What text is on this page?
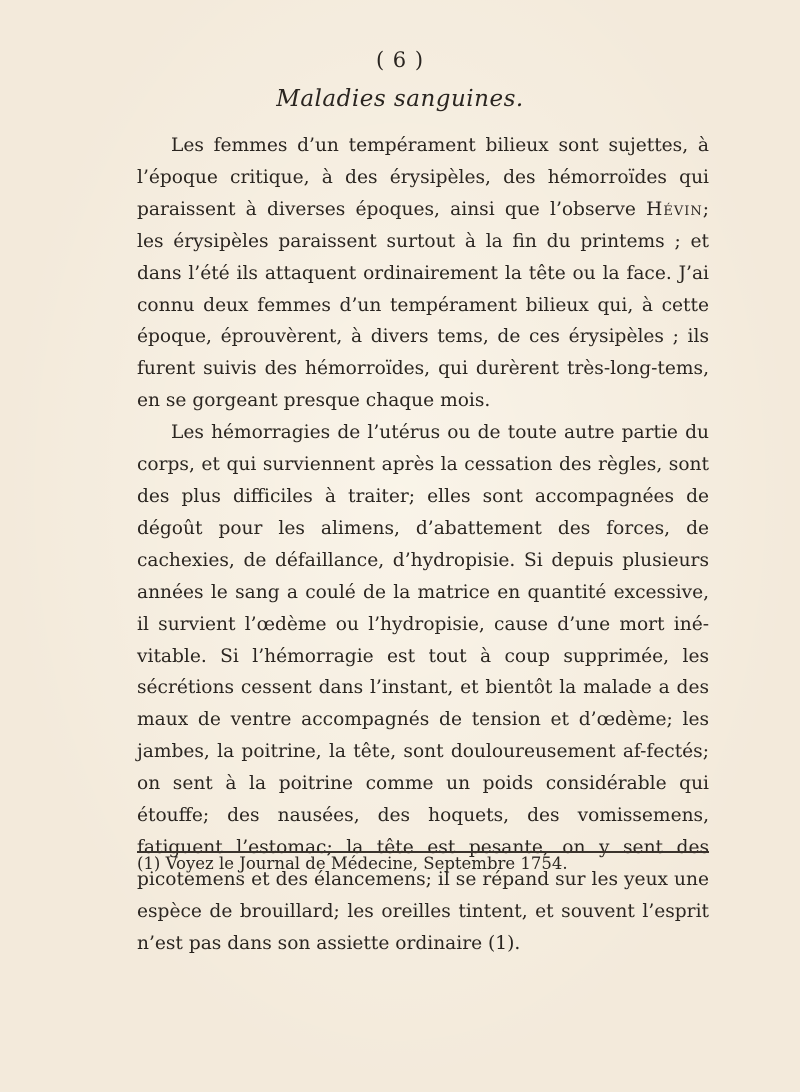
( 6 )
Maladies sanguines.

Les femmes d’un tempérament bilieux sont sujettes, à l’époque critique, à des érysipèles, des hémorroïdes qui paraissent à diverses époques, ainsi que l’observe Hévin; les érysipèles paraissent surtout à la fin du printems ; et dans l’été ils attaquent ordinairement la tête ou la face. J’ai connu deux femmes d’un tempérament bilieux qui, à cette époque, éprouvèrent, à divers tems, de ces érysipèles ; ils furent suivis des hémorroïdes, qui durèrent très-long-tems, en se gorgeant presque chaque mois.

Les hémorragies de l’utérus ou de toute autre partie du corps, et qui surviennent après la cessation des règles, sont des plus difficiles à traiter; elles sont accompagnées de dégoût pour les alimens, d’abattement des forces, de cachexies, de défaillance, d’hydropisie. Si depuis plusieurs années le sang a coulé de la matrice en quantité excessive, il survient l’œdème ou l’hydropisie, cause d’une mort iné-vitable. Si l’hémorragie est tout à coup supprimée, les sécrétions cessent dans l’instant, et bientôt la malade a des maux de ventre accompagnés de tension et d’œdème; les jambes, la poitrine, la tête, sont douloureusement af-fectés; on sent à la poitrine comme un poids considérable qui étouffe; des nausées, des hoquets, des vomissemens, fatiguent l’estomac; la tête est pesante, on y sent des picotemens et des élancemens; il se répand sur les yeux une espèce de brouillard; les oreilles tintent, et souvent l’esprit n’est pas dans son assiette ordinaire (1).

(1) Voyez le Journal de Médecine, Septembre 1754.
